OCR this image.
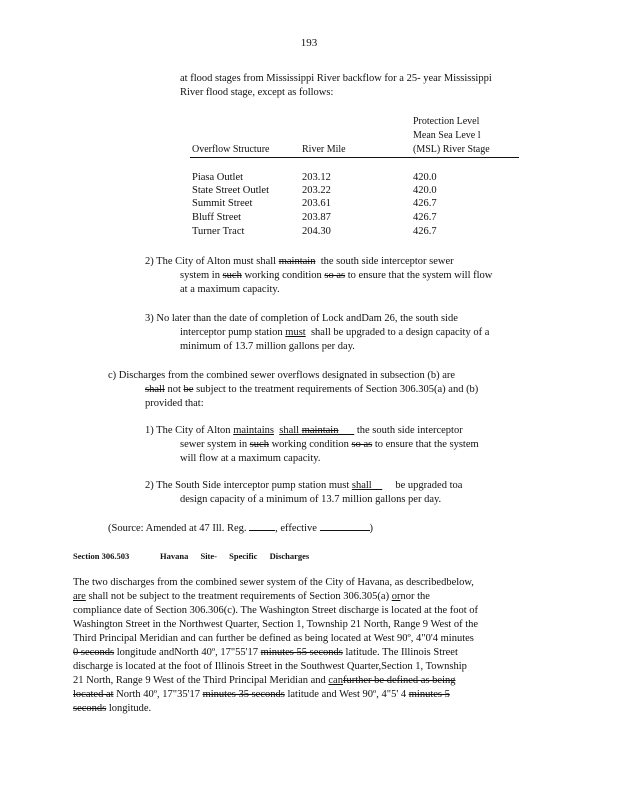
193
at flood stages from Mississippi River backflow for a 25- year Mississippi
River flood stage, except as follows:
Protection Level
Mean Sea Leve l
Overflow Structure	River Mile	(MSL) River Stage
Piasa Outlet	203.12	420.0
State Street Outlet	203.22	420.0
Summit Street	203.61	426.7
Bluff Street	203.87	426.7
Turner Tract	204.30	426.7
2) The City of Alton must shall maintain the south side interceptor sewer
system in such working condition so as to ensure that the system will flow
at a maximum capacity.
3) No later than the date of completion of Lock andDam 26, the south side
interceptor pump station must shall be upgraded to a design capacity of a
minimum of 13.7 million gallons per day.
c) Discharges from the combined sewer overflows designated in subsection (b) are
shall not be subject to the treatment requirements of Section 306.305(a) and (b)
provided that:
1) The City of Alton maintains shall maintain the south side interceptor
sewer system in such working condition so as to ensure that the system
will flow at a maximum capacity.
2) The South Side interceptor pump station must shall be upgraded toa
design capacity of a minimum of 13.7 million gallons per day.
(Source: Amended at 47 Ill. Reg.	, effective	)
Section 306.503	Havana Site- Specific Discharges
The two discharges from the combined sewer system of the City of Havana, as describedbelow,
are shall not be subject to the treatment requirements of Section 306.305(a) ornor the
compliance date of Section 306.306(c). The Washington Street discharge is located at the foot of
Washington Street in the Northwest Quarter, Section 1, Township 21 North, Range 9 West of the
Third Principal Meridian and can further be defined as being located at West 90º, 4"0'4 minutes
0 seconds longitude andNorth 40º, 17"55'17 minutes 55 seconds latitude. The Illinois Street
discharge is located at the foot of Illinois Street in the Southwest Quarter,Section 1, Township
21 North, Range 9 West of the Third Principal Meridian and canfurther be defined as being
located at North 40º, 17"35'17 minutes 35 seconds latitude and West 90º, 4"5' 4 minutes 5
seconds longitude.
